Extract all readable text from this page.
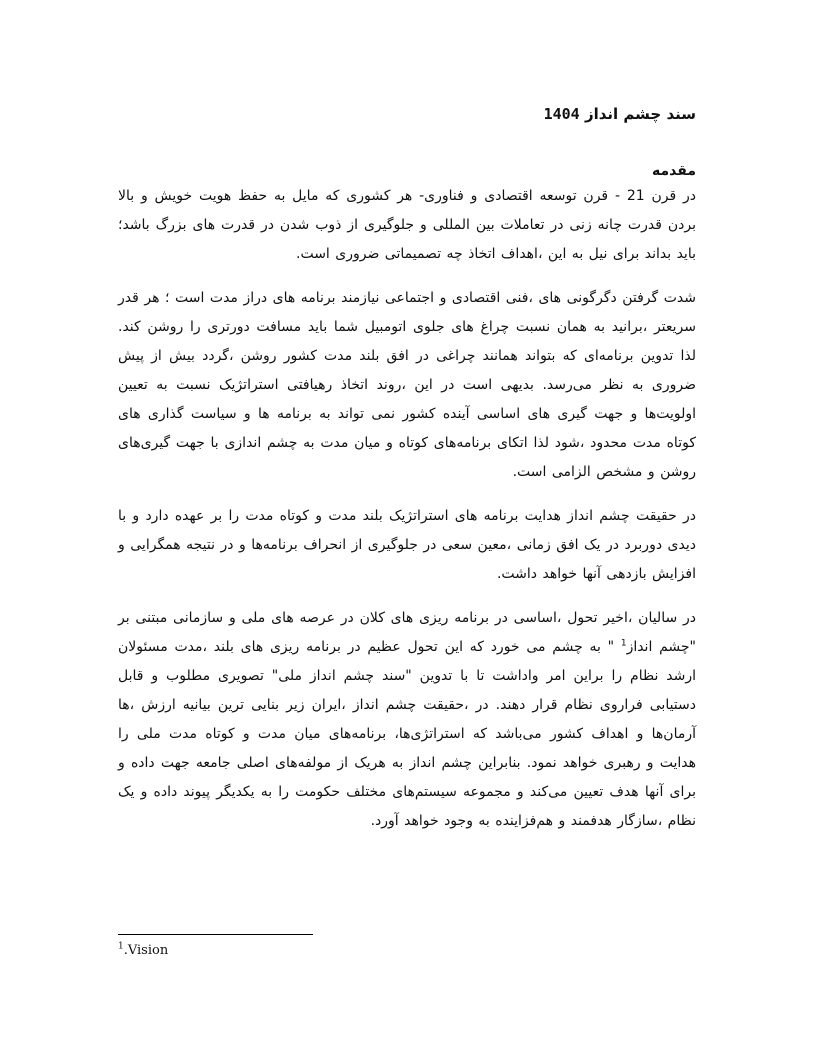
سند چشم انداز 1404
مقدمه

در قرن 21 - قرن توسعه اقتصادی و فناوری- هر کشوری که مایل به حفظ هویت خویش و بالا بردن قدرت چانه زنی در تعاملات بین المللی و جلوگیری از ذوب شدن در قدرت های بزرگ باشد؛ باید بداند برای نیل به این ،اهداف اتخاذ چه تصمیماتی ضروری است.

شدت گرفتن دگرگونی های ،فنی اقتصادی و اجتماعی نیازمند برنامه های دراز مدت است ؛ هر قدر سریعتر ،برانید به همان نسبت چراغ های جلوی اتومبیل شما باید مسافت دورتری را روشن کند. لذا تدوین برنامه‌ای که بتواند همانند چراغی در افق بلند مدت کشور روشن ،گردد بیش از پیش ضروری به نظر می‌رسد. بدیهی است در این ،روند اتخاذ رهیافتی استراتژیک نسبت به تعیین اولویت‌ها و جهت گیری های اساسی آینده کشور نمی تواند به برنامه ها و سیاست گذاری های کوتاه مدت محدود ،شود لذا اتکای برنامه‌های کوتاه و میان مدت به چشم اندازی با جهت گیری‌های روشن و مشخص الزامی است.

در حقیقت چشم انداز هدایت برنامه های استراتژیک بلند مدت و کوتاه مدت را بر عهده دارد و با دیدی دوربرد در یک افق زمانی ،معین سعی در جلوگیری از انحراف برنامه‌ها و در نتیجه همگرایی و افزایش بازدهی آنها خواهد داشت.

در سالیان ،اخیر تحول ،اساسی در برنامه ریزی های کلان در عرصه های ملی و سازمانی مبتنی بر "چشم انداز$^1$ " به چشم می خورد که این تحول عظیم در برنامه ریزی های بلند ،مدت مسئولان ارشد نظام را براین امر واداشت تا با تدوین "سند چشم انداز ملی" تصویری مطلوب و قابل دستیابی فراروی نظام قرار دهند. در ،حقیقت چشم انداز ،ایران زیر بنایی ترین بیانیه ارزش ،ها آرمان‌ها و اهداف کشور می‌باشد که استراتژی‌ها، برنامه‌های میان مدت و کوتاه مدت ملی را هدایت و رهبری خواهد نمود. بنابراین چشم انداز به هریک از مولفه‌های اصلی جامعه جهت داده و برای آنها هدف تعیین می‌کند و مجموعه سیستم‌های مختلف حکومت را به یکدیگر پیوند داده و یک نظام ،سازگار هدفمند و هم‌فزاینده به وجود خواهد آورد.

$^1$.Vision
